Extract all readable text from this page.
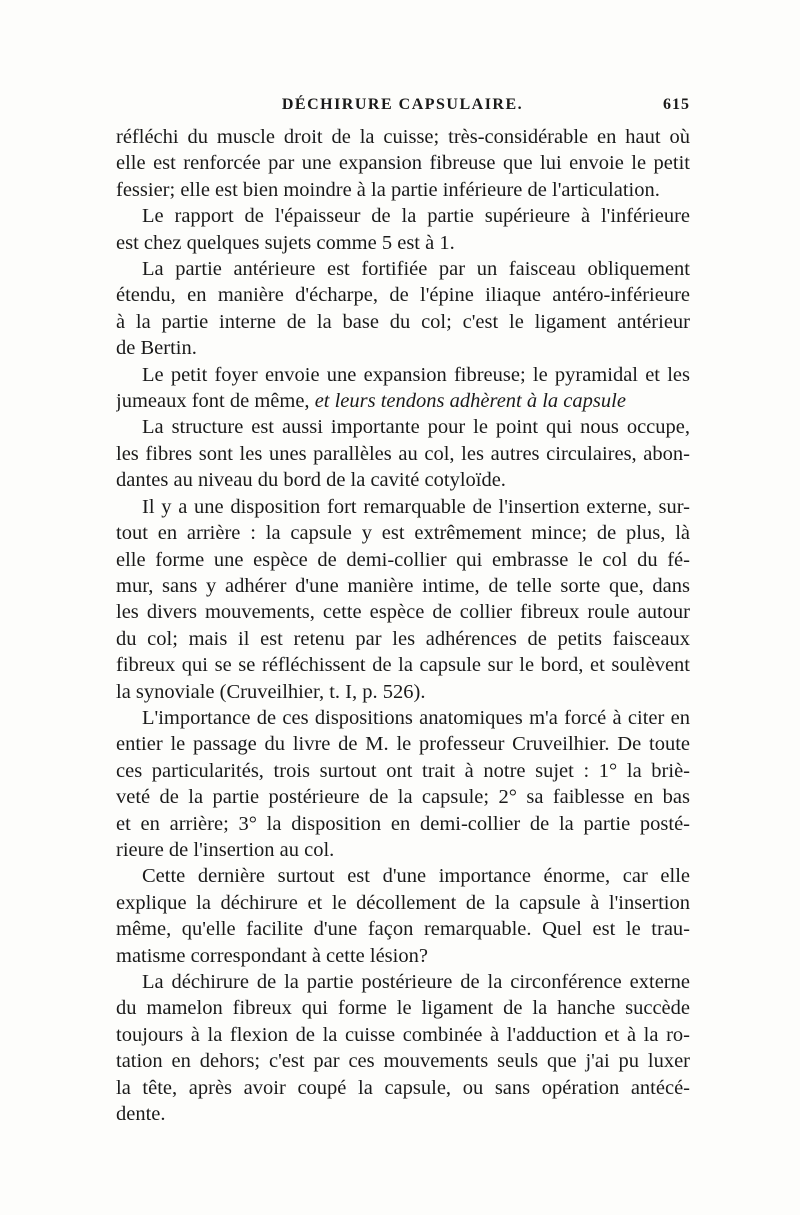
DÉCHIRURE CAPSULAIRE.	615
réfléchi du muscle droit de la cuisse; très-considérable en haut où
elle est renforcée par une expansion fibreuse que lui envoie le petit
fessier; elle est bien moindre à la partie inférieure de l'articulation.
Le rapport de l'épaisseur de la partie supérieure à l'inférieure
est chez quelques sujets comme 5 est à 1.
La partie antérieure est fortifiée par un faisceau obliquement
étendu, en manière d'écharpe, de l'épine iliaque antéro-inférieure
à la partie interne de la base du col; c'est le ligament antérieur
de Bertin.
Le petit foyer envoie une expansion fibreuse; le pyramidal et les
jumeaux font de même, et leurs tendons adhèrent à la capsule
La structure est aussi importante pour le point qui nous occupe,
les fibres sont les unes parallèles au col, les autres circulaires, abon-
dantes au niveau du bord de la cavité cotyloïde.
Il y a une disposition fort remarquable de l'insertion externe, sur-
tout en arrière : la capsule y est extrêmement mince; de plus, là
elle forme une espèce de demi-collier qui embrasse le col du fé-
mur, sans y adhérer d'une manière intime, de telle sorte que, dans
les divers mouvements, cette espèce de collier fibreux roule autour
du col; mais il est retenu par les adhérences de petits faisceaux
fibreux qui se se réfléchissent de la capsule sur le bord, et soulèvent
la synoviale (Cruveilhier, t. I, p. 526).
L'importance de ces dispositions anatomiques m'a forcé à citer en
entier le passage du livre de M. le professeur Cruveilhier. De toute
ces particularités, trois surtout ont trait à notre sujet : 1° la briè-
veté de la partie postérieure de la capsule; 2° sa faiblesse en bas
et en arrière; 3° la disposition en demi-collier de la partie posté-
rieure de l'insertion au col.
Cette dernière surtout est d'une importance énorme, car elle
explique la déchirure et le décollement de la capsule à l'insertion
même, qu'elle facilite d'une façon remarquable. Quel est le trau-
matisme correspondant à cette lésion?
La déchirure de la partie postérieure de la circonférence externe
du mamelon fibreux qui forme le ligament de la hanche succède
toujours à la flexion de la cuisse combinée à l'adduction et à la ro-
tation en dehors; c'est par ces mouvements seuls que j'ai pu luxer
la tête, après avoir coupé la capsule, ou sans opération antécé-
dente.
